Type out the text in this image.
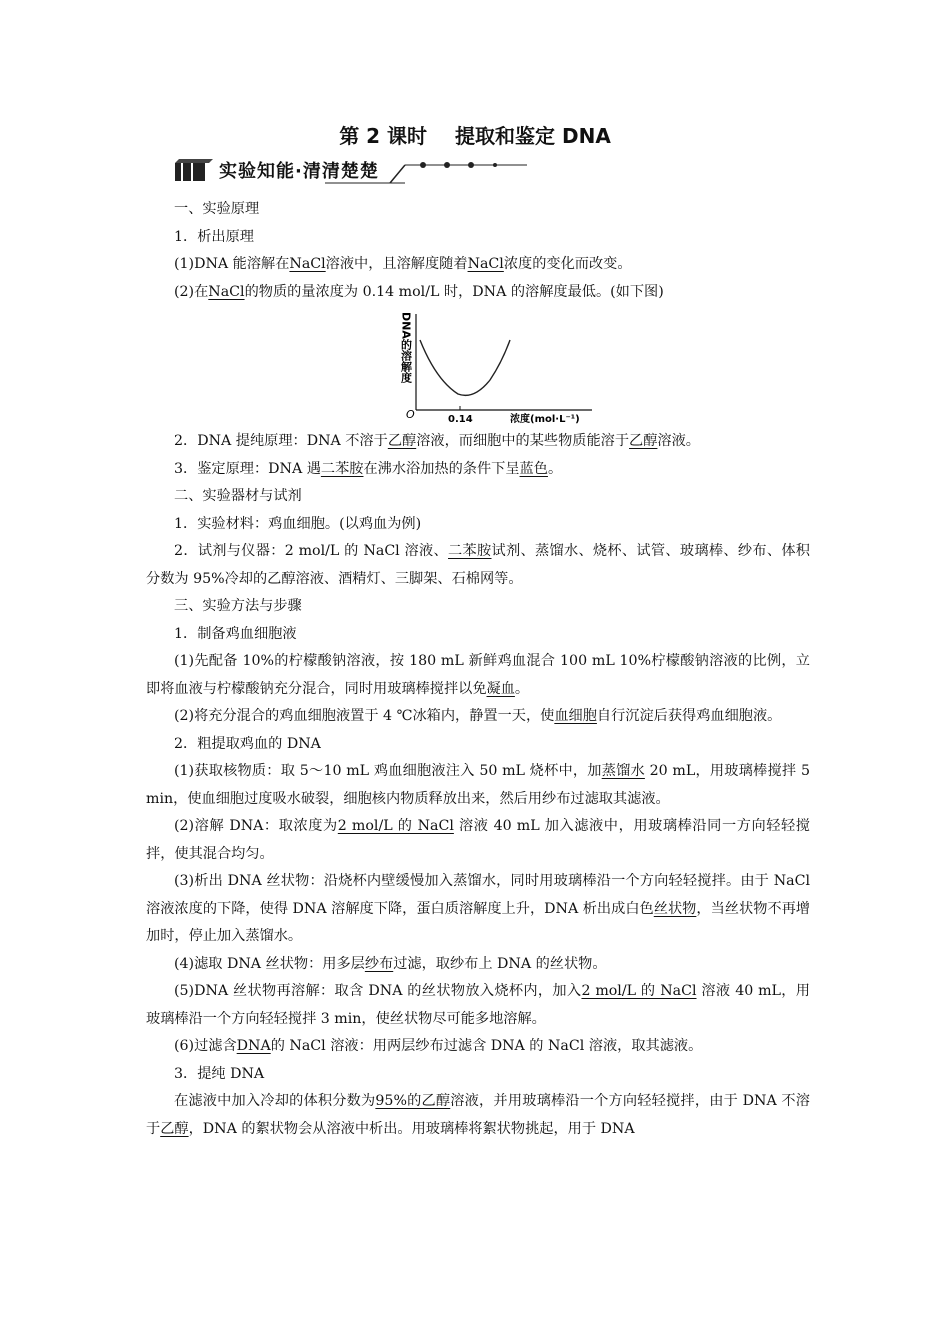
第 2 课时 提取和鉴定 DNA
实验知能·清清楚楚

一、实验原理

1．析出原理

(1)DNA 能溶解在NaCl溶液中，且溶解度随着NaCl浓度的变化而改变。

(2)在NaCl的物质的量浓度为 0.14 mol/L 时，DNA 的溶解度最低。(如下图)

DNA的溶解度
O	0.14	浓度(mol·L⁻¹)

2．DNA 提纯原理：DNA 不溶于乙醇溶液，而细胞中的某些物质能溶于乙醇溶液。

3．鉴定原理：DNA 遇二苯胺在沸水浴加热的条件下呈蓝色。

二、实验器材与试剂

1．实验材料：鸡血细胞。(以鸡血为例)

2．试剂与仪器：2 mol/L 的 NaCl 溶液、二苯胺试剂、蒸馏水、烧杯、试管、玻璃棒、纱布、体积分数为 95%冷却的乙醇溶液、酒精灯、三脚架、石棉网等。

三、实验方法与步骤

1．制备鸡血细胞液

(1)先配备 10%的柠檬酸钠溶液，按 180 mL 新鲜鸡血混合 100 mL 10%柠檬酸钠溶液的比例，立即将血液与柠檬酸钠充分混合，同时用玻璃棒搅拌以免凝血。

(2)将充分混合的鸡血细胞液置于 4 ℃冰箱内，静置一天，使血细胞自行沉淀后获得鸡血细胞液。

2．粗提取鸡血的 DNA

(1)获取核物质：取 5～10 mL 鸡血细胞液注入 50 mL 烧杯中，加蒸馏水 20 mL，用玻璃棒搅拌 5 min，使血细胞过度吸水破裂，细胞核内物质释放出来，然后用纱布过滤取其滤液。

(2)溶解 DNA：取浓度为2 mol/L 的 NaCl 溶液 40 mL 加入滤液中，用玻璃棒沿同一方向轻轻搅拌，使其混合均匀。

(3)析出 DNA 丝状物：沿烧杯内壁缓慢加入蒸馏水，同时用玻璃棒沿一个方向轻轻搅拌。由于 NaCl 溶液浓度的下降，使得 DNA 溶解度下降，蛋白质溶解度上升，DNA 析出成白色丝状物，当丝状物不再增加时，停止加入蒸馏水。

(4)滤取 DNA 丝状物：用多层纱布过滤，取纱布上 DNA 的丝状物。

(5)DNA 丝状物再溶解：取含 DNA 的丝状物放入烧杯内，加入2 mol/L 的 NaCl 溶液 40 mL，用玻璃棒沿一个方向轻轻搅拌 3 min，使丝状物尽可能多地溶解。

(6)过滤含DNA的 NaCl 溶液：用两层纱布过滤含 DNA 的 NaCl 溶液，取其滤液。

3．提纯 DNA

在滤液中加入冷却的体积分数为95%的乙醇溶液，并用玻璃棒沿一个方向轻轻搅拌，由于 DNA 不溶于乙醇，DNA 的絮状物会从溶液中析出。用玻璃棒将絮状物挑起，用于 DNA
